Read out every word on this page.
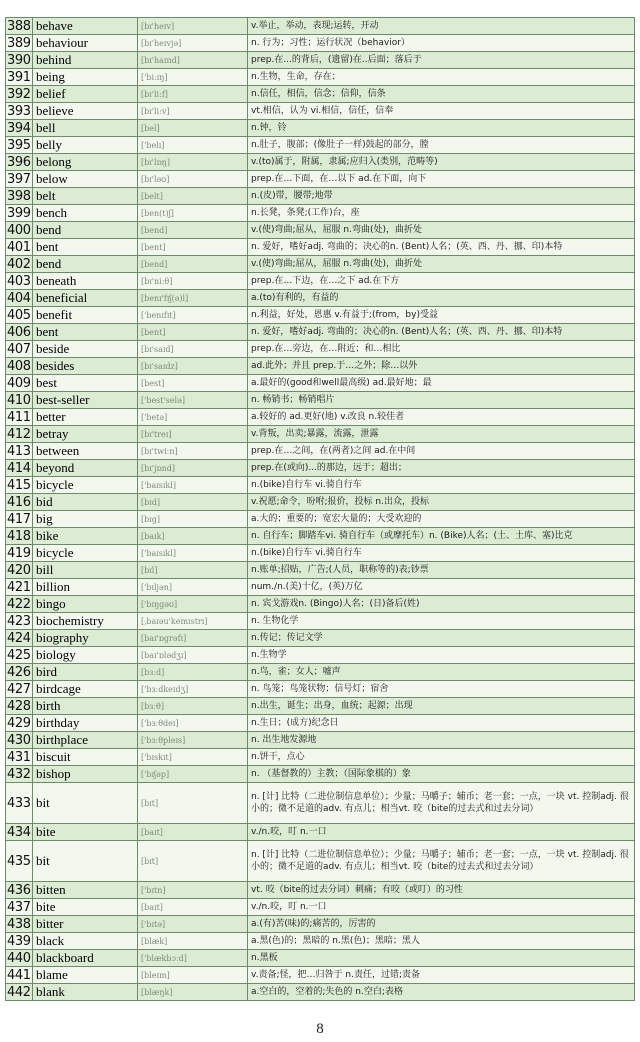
388	behave	[bɪ'heɪv]	v.举止，举动，表现;运转，开动
389	behaviour	[bɪ'heɪvjə]	n. 行为；习性；运行状况（behavior）
390	behind	[bɪ'haɪnd]	prep.在...的背后，(遗留)在..后面；落后于
391	being	['biːɪŋ]	n.生物，生命，存在；
392	belief	[bɪ'liːf]	n.信任，相信，信念；信仰，信条
393	believe	[bɪ'liːv]	vt.相信，认为 vi.相信，信任，信奉
394	bell	[bel]	n.钟，铃
395	belly	['belɪ]	n.肚子，腹部；(像肚子一样)鼓起的部分，膛
396	belong	[bɪ'lɒŋ]	v.(to)属于，附属，隶属;应归入(类别，范畴等)
397	below	[bɪ'ləʊ]	prep.在…下面，在…以下 ad.在下面，向下
398	belt	[belt]	n.(皮)带，腰带;地带
399	bench	[ben(t)ʃ]	n.长凳，条凳;(工作)台，座
400	bend	[bend]	v.(使)弯曲;屈从，屈服 n.弯曲(处)，曲折处
401	bent	[bent]	n. 爱好，嗜好adj. 弯曲的；决心的n. (Bent)人名；(英、西、丹、挪、印)本特
402	bend	[bend]	v.(使)弯曲;屈从，屈服 n.弯曲(处)，曲折处
403	beneath	[bɪ'niːθ]	prep.在…下边，在…之下 ad.在下方
404	beneficial	[benɪ'fɪʃ(ə)l]	a.(to)有利的，有益的
405	benefit	['benɪfɪt]	n.利益，好处，恩惠 v.有益于;(from，by)受益
406	bent	[bent]	n. 爱好，嗜好adj. 弯曲的；决心的n. (Bent)人名；(英、西、丹、挪、印)本特
407	beside	[bɪ'saɪd]	prep.在…旁边，在…附近；和…相比
408	besides	[bɪ'saɪdz]	ad.此外；并且 prep.于…之外；除…以外
409	best	[best]	a.最好的(good和well最高级) ad.最好地；最
410	best-seller	['best'selə]	n. 畅销书；畅销唱片
411	better	['betə]	a.较好的 ad.更好(地) v.改良 n.较佳者
412	betray	[bɪ'treɪ]	v.背叛，出卖;暴露，流露，泄露
413	between	[bɪ'twiːn]	prep.在…之间，在(两者)之间 ad.在中间
414	beyond	[bɪ'jɒnd]	prep.在(或向)...的那边，远于；超出；
415	bicycle	['baɪsɪkl]	n.(bike)自行车 vi.骑自行车
416	bid	[bɪd]	v.祝愿;命令，吩咐;报价，投标 n.出众，投标
417	big	[bɪg]	a.大的；重要的；宽宏大量的；大受欢迎的
418	bike	[baɪk]	n. 自行车；脚踏车vi. 骑自行车（或摩托车）n. (Bike)人名；(土、土库、塞)比克
419	bicycle	['baɪsɪkl]	n.(bike)自行车 vi.骑自行车
420	bill	[bɪl]	n.账单;招贴，广告;(人员，职称等的)表;钞票
421	billion	['bɪljən]	num./n.(美)十亿，(英)万亿
422	bingo	['bɪŋgəʊ]	n. 宾戈游戏n. (Bingo)人名；(日)备后(姓)
423	biochemistry	[ˌbaɪəu'kemɪstrɪ]	n. 生物化学
424	biography	[baɪ'ɒgrəfɪ]	n.传记；传记文学
425	biology	[baɪ'ɒlədʒɪ]	n.生物学
426	bird	[bɜːd]	n.鸟，雀；女人；嘘声
427	birdcage	['bɜːdkeɪdʒ]	n. 鸟笼；鸟笼状物；信号灯；宿舍
428	birth	[bɜːθ]	n.出生，诞生；出身，血统；起源；出现
429	birthday	['bɜːθdeɪ]	n.生日；(成方)纪念日
430	birthplace	['bɜːθpleɪs]	n. 出生地发源地
431	biscuit	['bɪskɪt]	n.饼干，点心
432	bishop	['bɪʃəp]	n. （基督教的）主教；（国际象棋的）象
433	bit	[bɪt]	n. [计] 比特（二进位制信息单位）；少量；马嚼子；辅币；老一套；一点，一块 vt. 控制adj. 很小的；微不足道的adv. 有点儿；相当vt. 咬（bite的过去式和过去分词）
434	bite	[baɪt]	v./n.咬，叮 n.一口
435	bit	[bɪt]	n. [计] 比特（二进位制信息单位）；少量；马嚼子；辅币；老一套；一点，一块 vt. 控制adj. 很小的；微不足道的adv. 有点儿；相当vt. 咬（bite的过去式和过去分词）
436	bitten	['bɪtn]	vt. 咬（bite的过去分词）刺痛；有咬（或叮）的习性
437	bite	[baɪt]	v./n.咬，叮 n.一口
438	bitter	['bɪtə]	a.(有)苦(味)的;痛苦的，厉害的
439	black	[blæk]	a.黑(色)的；黑暗的 n.黑(色)；黑暗；黑人
440	blackboard	['blækbɔːd]	n.黑板
441	blame	[bleɪm]	v.责备;怪，把…归咎于 n.责任，过错;责备
442	blank	[blæŋk]	a.空白的，空着的;失色的 n.空白;表格
8
